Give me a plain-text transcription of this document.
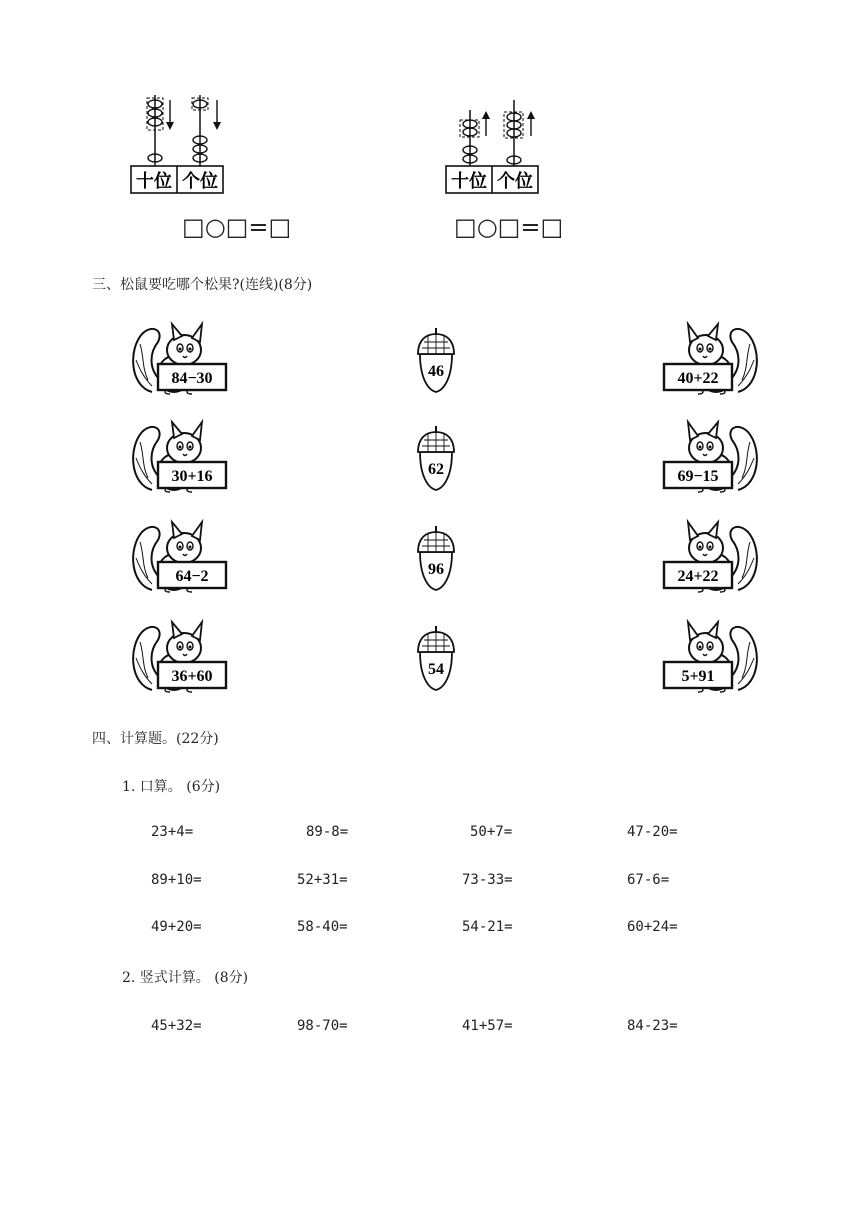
十位 个位	十位 个位
□○□=□	□○□=□
三、松鼠要吃哪个松果?(连线)(8分)
84−30
30+16
64−2
36+60
46
62
96
54
40+22
69−15
24+22
5+91
四、计算题。(22分)
1. 口算。 (6分)
23+4=	89-8=	50+7=	47-20=
89+10=	52+31=	73-33=	67-6=
49+20=	58-40=	54-21=	60+24=
2. 竖式计算。 (8分)
45+32=	98-70=	41+57=	84-23=
